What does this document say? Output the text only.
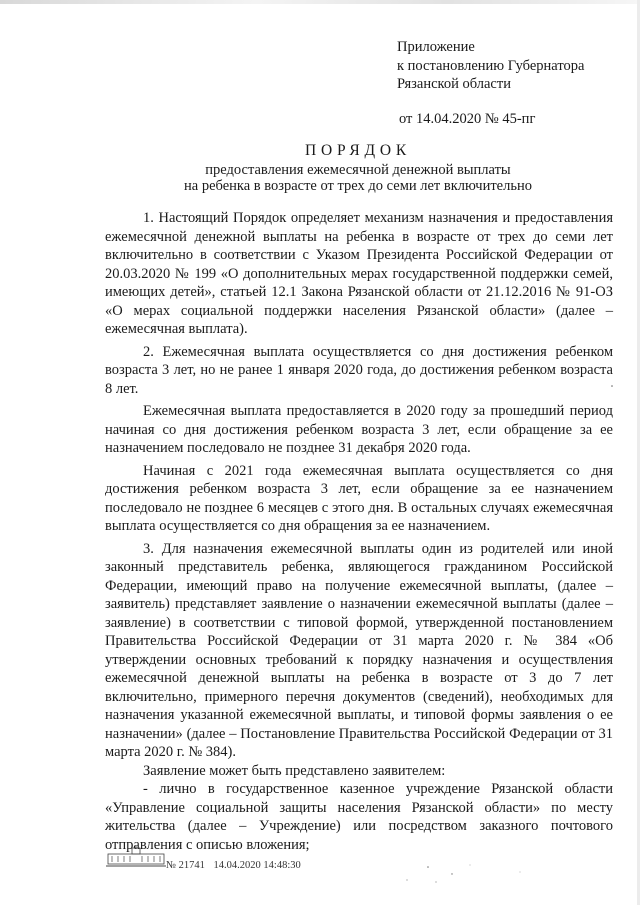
Приложение
к постановлению Губернатора
Рязанской области
от 14.04.2020 № 45-пг
ПОРЯДОК
предоставления ежемесячной денежной выплаты
на ребенка в возрасте от трех до семи лет включительно

1. Настоящий Порядок определяет механизм назначения и предоставления ежемесячной денежной выплаты на ребенка в возрасте от трех до семи лет включительно в соответствии с Указом Президента Российской Федерации от 20.03.2020 № 199 «О дополнительных мерах государственной поддержки семей, имеющих детей», статьей 12.1 Закона Рязанской области от 21.12.2016 № 91-ОЗ «О мерах социальной поддержки населения Рязанской области» (далее – ежемесячная выплата).

2. Ежемесячная выплата осуществляется со дня достижения ребенком возраста 3 лет, но не ранее 1 января 2020 года, до достижения ребенком возраста 8 лет.

Ежемесячная выплата предоставляется в 2020 году за прошедший период начиная со дня достижения ребенком возраста 3 лет, если обращение за ее назначением последовало не позднее 31 декабря 2020 года.

Начиная с 2021 года ежемесячная выплата осуществляется со дня достижения ребенком возраста 3 лет, если обращение за ее назначением последовало не позднее 6 месяцев с этого дня. В остальных случаях ежемесячная выплата осуществляется со дня обращения за ее назначением.

3. Для назначения ежемесячной выплаты один из родителей или иной законный представитель ребенка, являющегося гражданином Российской Федерации, имеющий право на получение ежемесячной выплаты, (далее – заявитель) представляет заявление о назначении ежемесячной выплаты (далее – заявление) в соответствии с типовой формой, утвержденной постановлением Правительства Российской Федерации от 31 марта 2020 г. № 384 «Об утверждении основных требований к порядку назначения и осуществления ежемесячной денежной выплаты на ребенка в возрасте от 3 до 7 лет включительно, примерного перечня документов (сведений), необходимых для назначения указанной ежемесячной выплаты, и типовой формы заявления о ее назначении» (далее – Постановление Правительства Российской Федерации от 31 марта 2020 г. № 384).

Заявление может быть представлено заявителем:

- лично в государственное казенное учреждение Рязанской области «Управление социальной защиты населения Рязанской области» по месту жительства (далее – Учреждение) или посредством заказного почтового отправления с описью вложения;

№ 21741 14.04.2020 14:48:30
